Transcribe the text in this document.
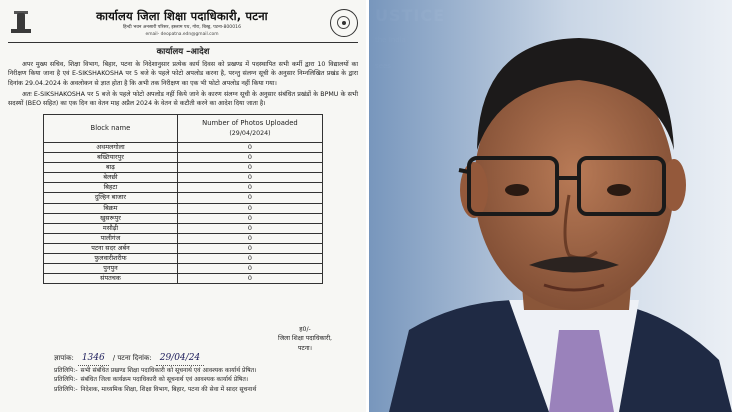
कार्यालय जिला शिक्षा पदाधिकारी, पटना
हिन्दी भवन अनसारी परिसर, इस्लाम पथ, गोरा, बिस्ड्र, पटना-800016
email- deopatna.edn@gmail.com
कार्यालय –आदेश

अपर मुख्य सचिव, शिक्षा विभाग, बिहार, पटना के निदेशानुसार प्रत्येक कार्य दिवस को प्रखण्ड में पदस्थापित सभी कर्मी द्वारा 10 विद्यालयों का निरीक्षण किया जाना है एवं E-SIKSHAKOSHA पर 5 बजे के पहले फोटो अपलोड करना है, परन्तु संलग्न सूची के अनुसार निम्नलिखित प्रखंड के द्वारा दिनांक 29.04.2024 के अवलोकन से ज्ञात होता है कि अभी तक निरीक्षण का एक भी फोटो अपलोड नहीं किया गया।

अतः E-SIKSHAKOSHA पर 5 बजे के पहले फोटो अपलोड नहीं किये जाने के कारण संलग्न सूची के अनुसार संबंधित प्रखंडों के BPMU के सभी सदस्यों (BEO सहित) का एक दिन का वेतन माह अप्रैल 2024 के वेतन से कटौती करने का आदेश दिया जाता है।

Block name	Number of Photos Uploaded
(29/04/2024)

अथमलगोला	0
बख्तियारपुर	0
बाढ़	0
बेलछी	0
बिहटा	0
दुल्हिन बाजार	0
बिक्रम	0
खुसरूपुर	0
मसौढ़ी	0
पालीगंज	0
पटना सदर अर्बन	0
फुलवारीशरीफ	0
पुनपुन	0
संपतचक	0
ह0/-
जिला शिक्षा पदाधिकारी,
पटना।
ज्ञापांक: 1346	/ पटना दिनांक: 29/04/24
प्रतिलिपि:- सभी संबंधित प्रखण्ड शिक्षा पदाधिकारी को सूचनार्थ एवं आवश्यक कार्यार्थ प्रेषित।
प्रतिलिपि:- संबंधित जिला कार्यक्रम पदाधिकारी को सूचनार्थ एवं आवश्यक कार्यार्थ प्रेषित।
प्रतिलिपि:- निदेशक, माध्यमिक शिक्षा, शिक्षा विभाग, बिहार, पटना की सेवा में सादर सूचनार्थ
